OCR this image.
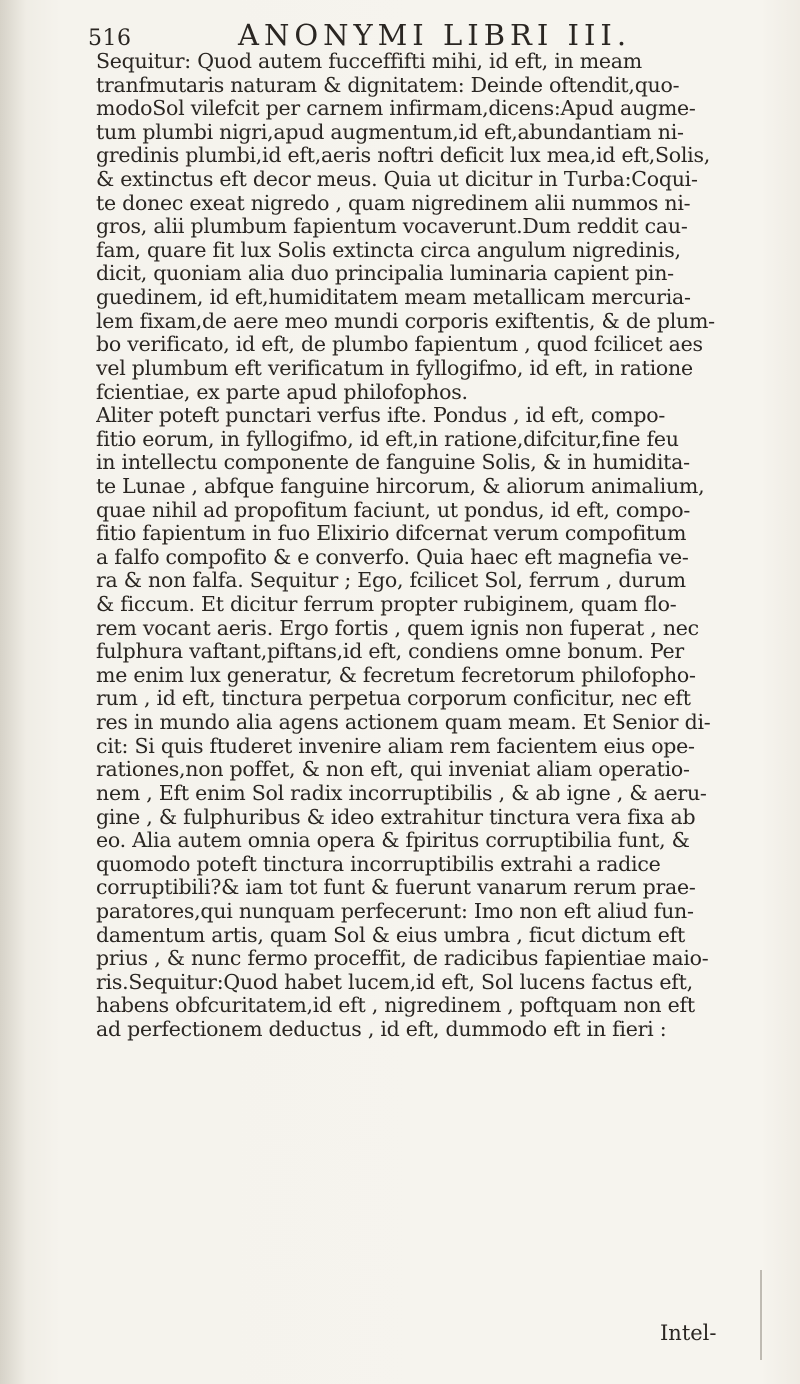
516	ANONYMI LIBRI III.
Sequitur: Quod autem fucceffifti mihi, id eft, in meam
tranfmutaris naturam & dignitatem: Deinde oftendit,quo-
modoSol vilefcit per carnem infirmam,dicens:Apud augme-
tum plumbi nigri,apud augmentum,id eft,abundantiam ni-
gredinis plumbi,id eft,aeris noftri deficit lux mea,id eft,Solis,
& extinctus eft decor meus. Quia ut dicitur in Turba:Coqui-
te donec exeat nigredo , quam nigredinem alii nummos ni-
gros, alii plumbum fapientum vocaverunt.Dum reddit cau-
fam, quare fit lux Solis extincta circa angulum nigredinis,
dicit, quoniam alia duo principalia luminaria capient pin-
guedinem, id eft,humiditatem meam metallicam mercuria-
lem fixam,de aere meo mundi corporis exiftentis, & de plum-
bo verificato, id eft, de plumbo fapientum , quod fcilicet aes
vel plumbum eft verificatum in fyllogifmo, id eft, in ratione
fcientiae, ex parte apud philofophos.
Aliter poteft punctari verfus ifte. Pondus , id eft, compo-
fitio eorum, in fyllogifmo, id eft,in ratione,difcitur,fine feu
in intellectu componente de fanguine Solis, & in humidita-
te Lunae , abfque fanguine hircorum, & aliorum animalium,
quae nihil ad propofitum faciunt, ut pondus, id eft, compo-
fitio fapientum in fuo Elixirio difcernat verum compofitum
a falfo compofito & e converfo. Quia haec eft magnefia ve-
ra & non falfa. Sequitur ; Ego, fcilicet Sol, ferrum , durum
& ficcum. Et dicitur ferrum propter rubiginem, quam flo-
rem vocant aeris. Ergo fortis , quem ignis non fuperat , nec
fulphura vaftant,piftans,id eft, condiens omne bonum. Per
me enim lux generatur, & fecretum fecretorum philofopho-
rum , id eft, tinctura perpetua corporum conficitur, nec eft
res in mundo alia agens actionem quam meam. Et Senior di-
cit: Si quis ftuderet invenire aliam rem facientem eius ope-
rationes,non poffet, & non eft, qui inveniat aliam operatio-
nem , Eft enim Sol radix incorruptibilis , & ab igne , & aeru-
gine , & fulphuribus & ideo extrahitur tinctura vera fixa ab
eo. Alia autem omnia opera & fpiritus corruptibilia funt, &
quomodo poteft tinctura incorruptibilis extrahi a radice
corruptibili?& iam tot funt & fuerunt vanarum rerum prae-
paratores,qui nunquam perfecerunt: Imo non eft aliud fun-
damentum artis, quam Sol & eius umbra , ficut dictum eft
prius , & nunc fermo proceffit, de radicibus fapientiae maio-
ris.Sequitur:Quod habet lucem,id eft, Sol lucens factus eft,
habens obfcuritatem,id eft , nigredinem , poftquam non eft
ad perfectionem deductus , id eft, dummodo eft in fieri :
Intel-
